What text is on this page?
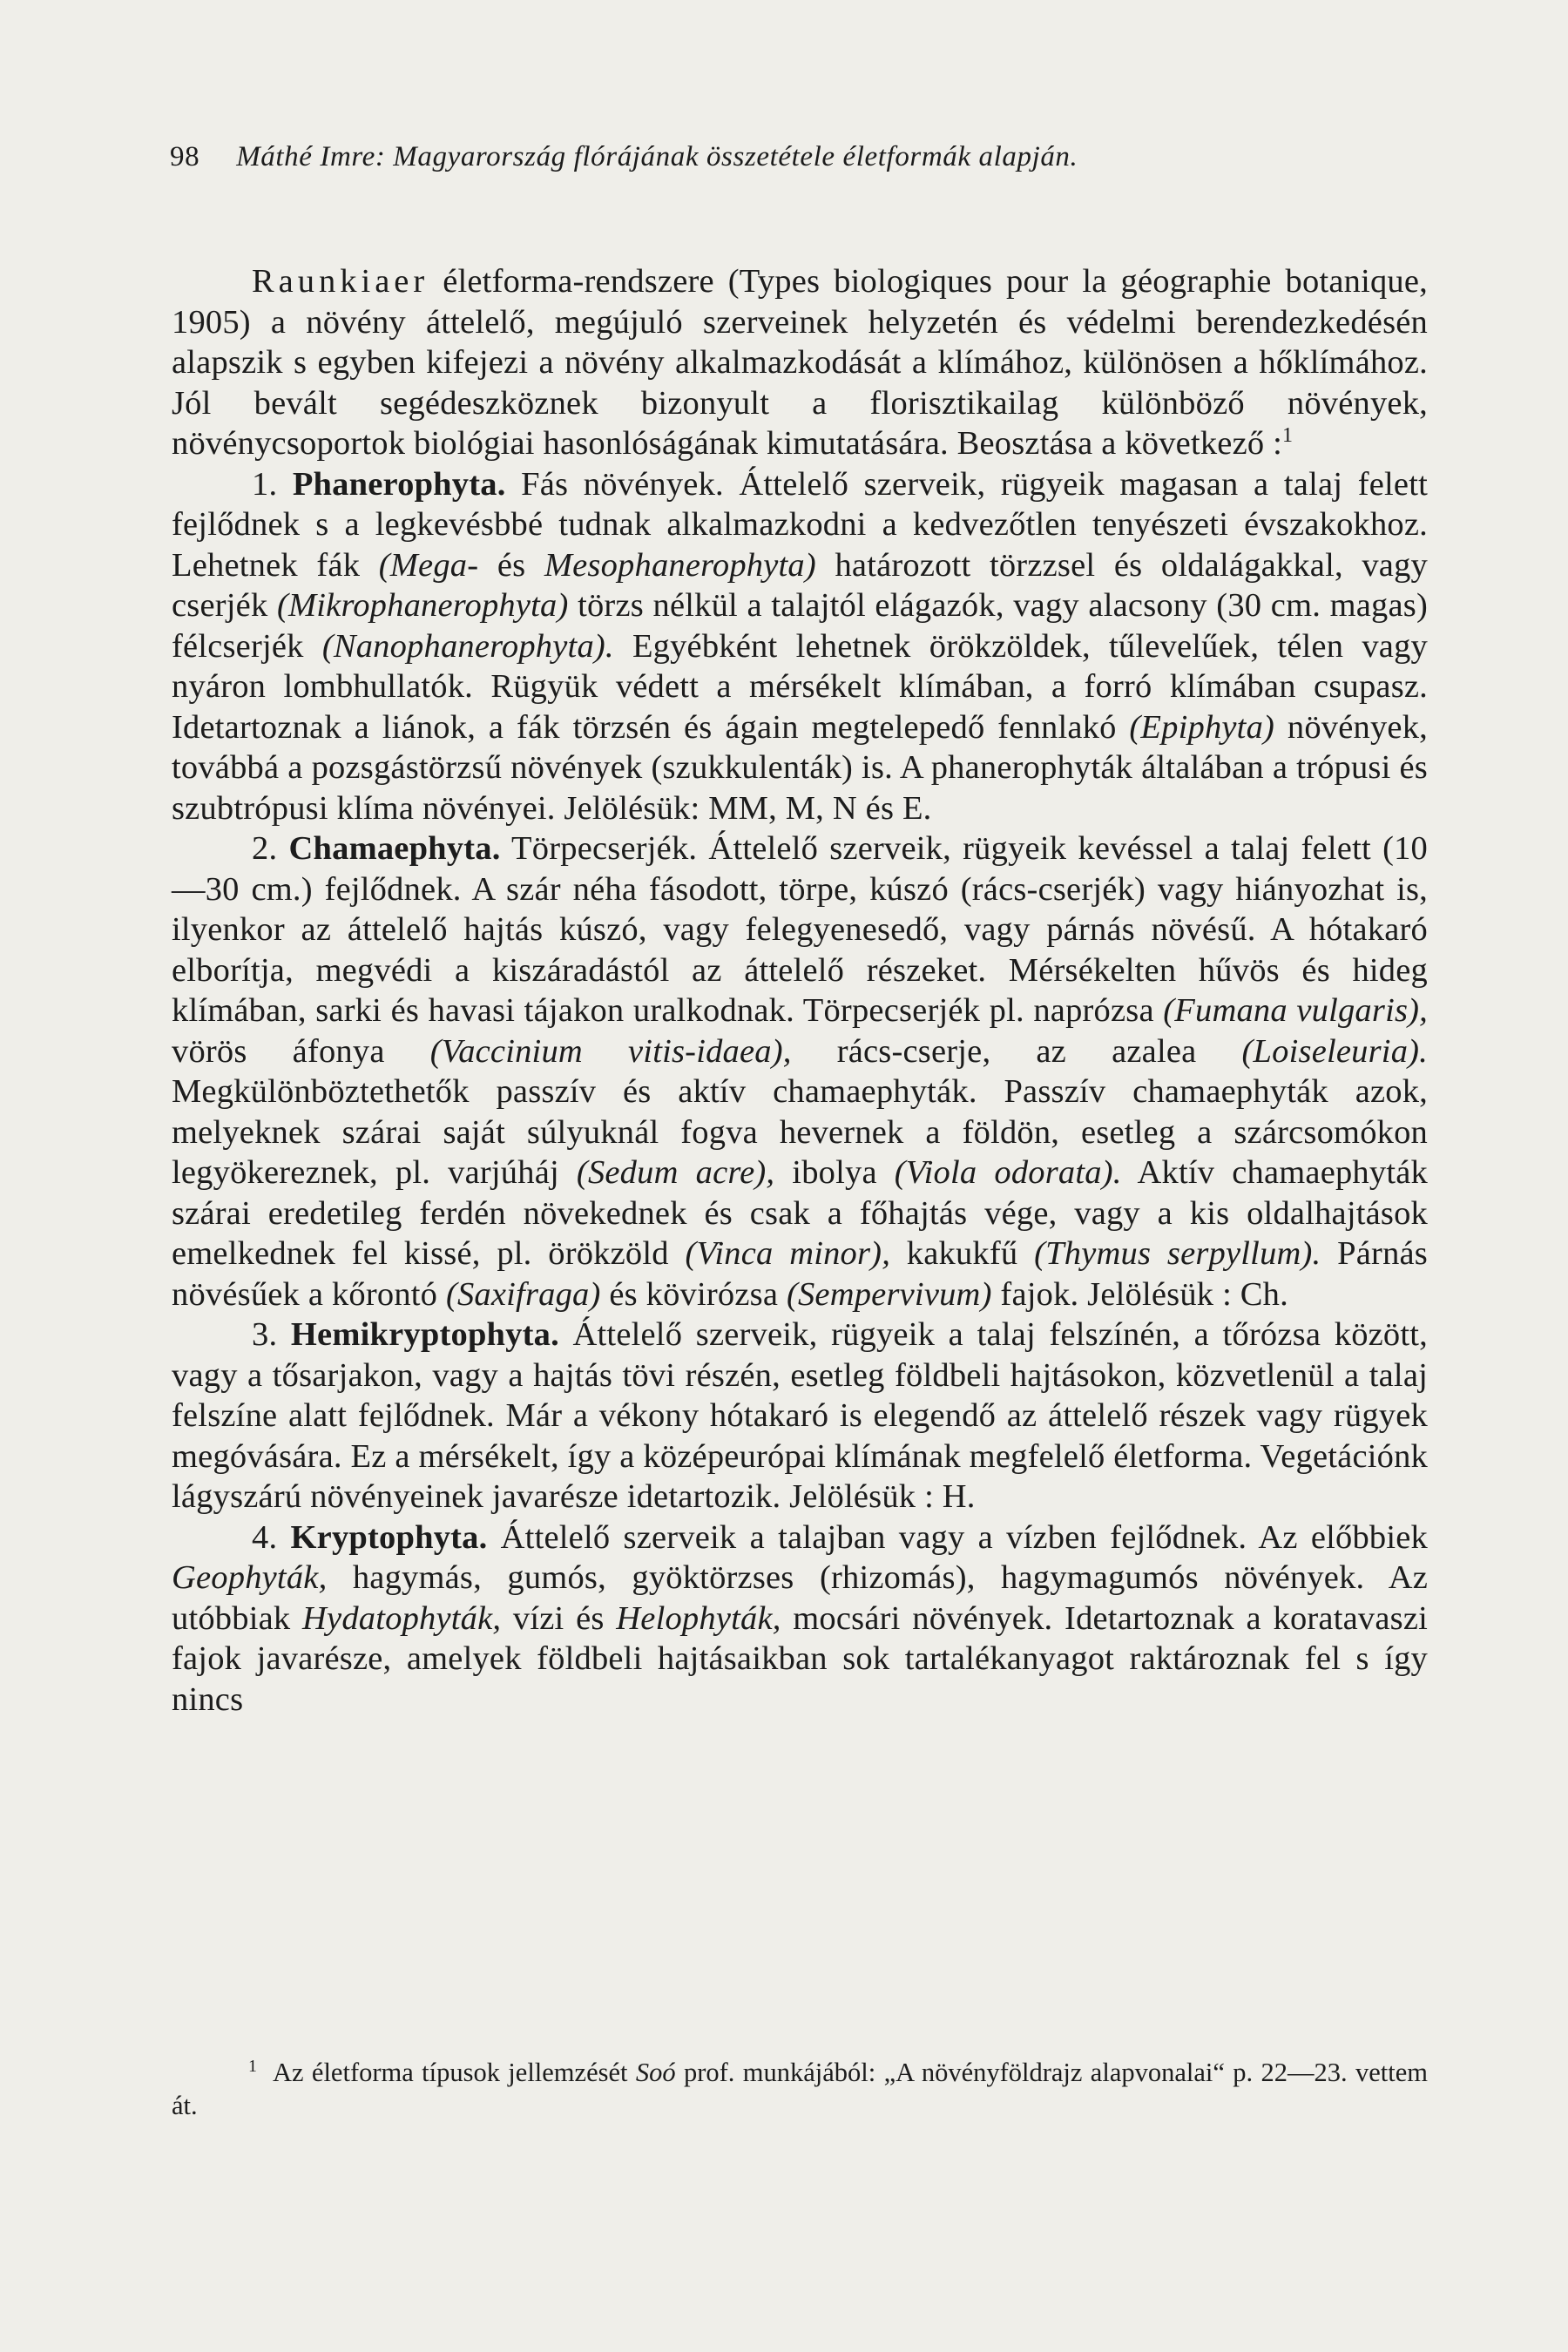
98 Máthé Imre: Magyarország flórájának összetétele életformák alapján.

Raunkiaer életforma-rendszere (Types biologiques pour la géographie botanique, 1905) a növény áttelelő, megújuló szerveinek helyzetén és védelmi berendezkedésén alapszik s egyben kifejezi a növény alkalmazkodását a klímához, különösen a hőklímához. Jól bevált segédeszköznek bizonyult a florisztikailag különböző növények, növénycsoportok biológiai hasonlóságának kimutatására. Beosztása a következő :$^1$

1. Phanerophyta. Fás növények. Áttelelő szerveik, rügyeik magasan a talaj felett fejlődnek s a legkevésbbé tudnak alkalmazkodni a kedvezőtlen tenyészeti évszakokhoz. Lehetnek fák (Mega- és Mesophanerophyta) határozott törzzsel és oldalágakkal, vagy cserjék (Mikrophanerophyta) törzs nélkül a talajtól elágazók, vagy alacsony (30 cm. magas) félcserjék (Nanophanerophyta). Egyébként lehetnek örökzöldek, tűlevelűek, télen vagy nyáron lombhullatók. Rügyük védett a mérsékelt klímában, a forró klímában csupasz. Idetartoznak a liánok, a fák törzsén és ágain megtelepedő fennlakó (Epiphyta) növények, továbbá a pozsgástörzsű növények (szukkulenták) is. A phanerophyták általában a trópusi és szubtrópusi klíma növényei. Jelölésük: MM, M, N és E.

2. Chamaephyta. Törpecserjék. Áttelelő szerveik, rügyeik kevéssel a talaj felett (10—30 cm.) fejlődnek. A szár néha fásodott, törpe, kúszó (rács-cserjék) vagy hiányozhat is, ilyenkor az áttelelő hajtás kúszó, vagy felegyenesedő, vagy párnás növésű. A hótakaró elborítja, megvédi a kiszáradástól az áttelelő részeket. Mérsékelten hűvös és hideg klímában, sarki és havasi tájakon uralkodnak. Törpecserjék pl. naprózsa (Fumana vulgaris), vörös áfonya (Vaccinium vitis-idaea), rács-cserje, az azalea (Loiseleuria). Megkülönböztethetők passzív és aktív chamaephyták. Passzív chamaephyták azok, melyeknek szárai saját súlyuknál fogva hevernek a földön, esetleg a szárcsomókon legyökereznek, pl. varjúháj (Sedum acre), ibolya (Viola odorata). Aktív chamaephyták szárai eredetileg ferdén növekednek és csak a főhajtás vége, vagy a kis oldalhajtások emelkednek fel kissé, pl. örökzöld (Vinca minor), kakukfű (Thymus serpyllum). Párnás növésűek a kőrontó (Saxifraga) és kövirózsa (Sempervivum) fajok. Jelölésük : Ch.

3. Hemikryptophyta. Áttelelő szerveik, rügyeik a talaj felszínén, a tőrózsa között, vagy a tősarjakon, vagy a hajtás tövi részén, esetleg földbeli hajtásokon, közvetlenül a talaj felszíne alatt fejlődnek. Már a vékony hótakaró is elegendő az áttelelő részek vagy rügyek megóvására. Ez a mérsékelt, így a középeurópai klímának megfelelő életforma. Vegetációnk lágyszárú növényeinek javarésze idetartozik. Jelölésük : H.

4. Kryptophyta. Áttelelő szerveik a talajban vagy a vízben fejlődnek. Az előbbiek Geophyták, hagymás, gumós, gyöktörzses (rhizomás), hagymagumós növények. Az utóbbiak Hydatophyták, vízi és Helophyták, mocsári növények. Idetartoznak a koratavaszi fajok javarésze, amelyek földbeli hajtásaikban sok tartalékanyagot raktároznak fel s így nincs

$^1$ Az életforma típusok jellemzését Soó prof. munkájából: „A növényföldrajz alapvonalai“ p. 22—23. vettem át.
